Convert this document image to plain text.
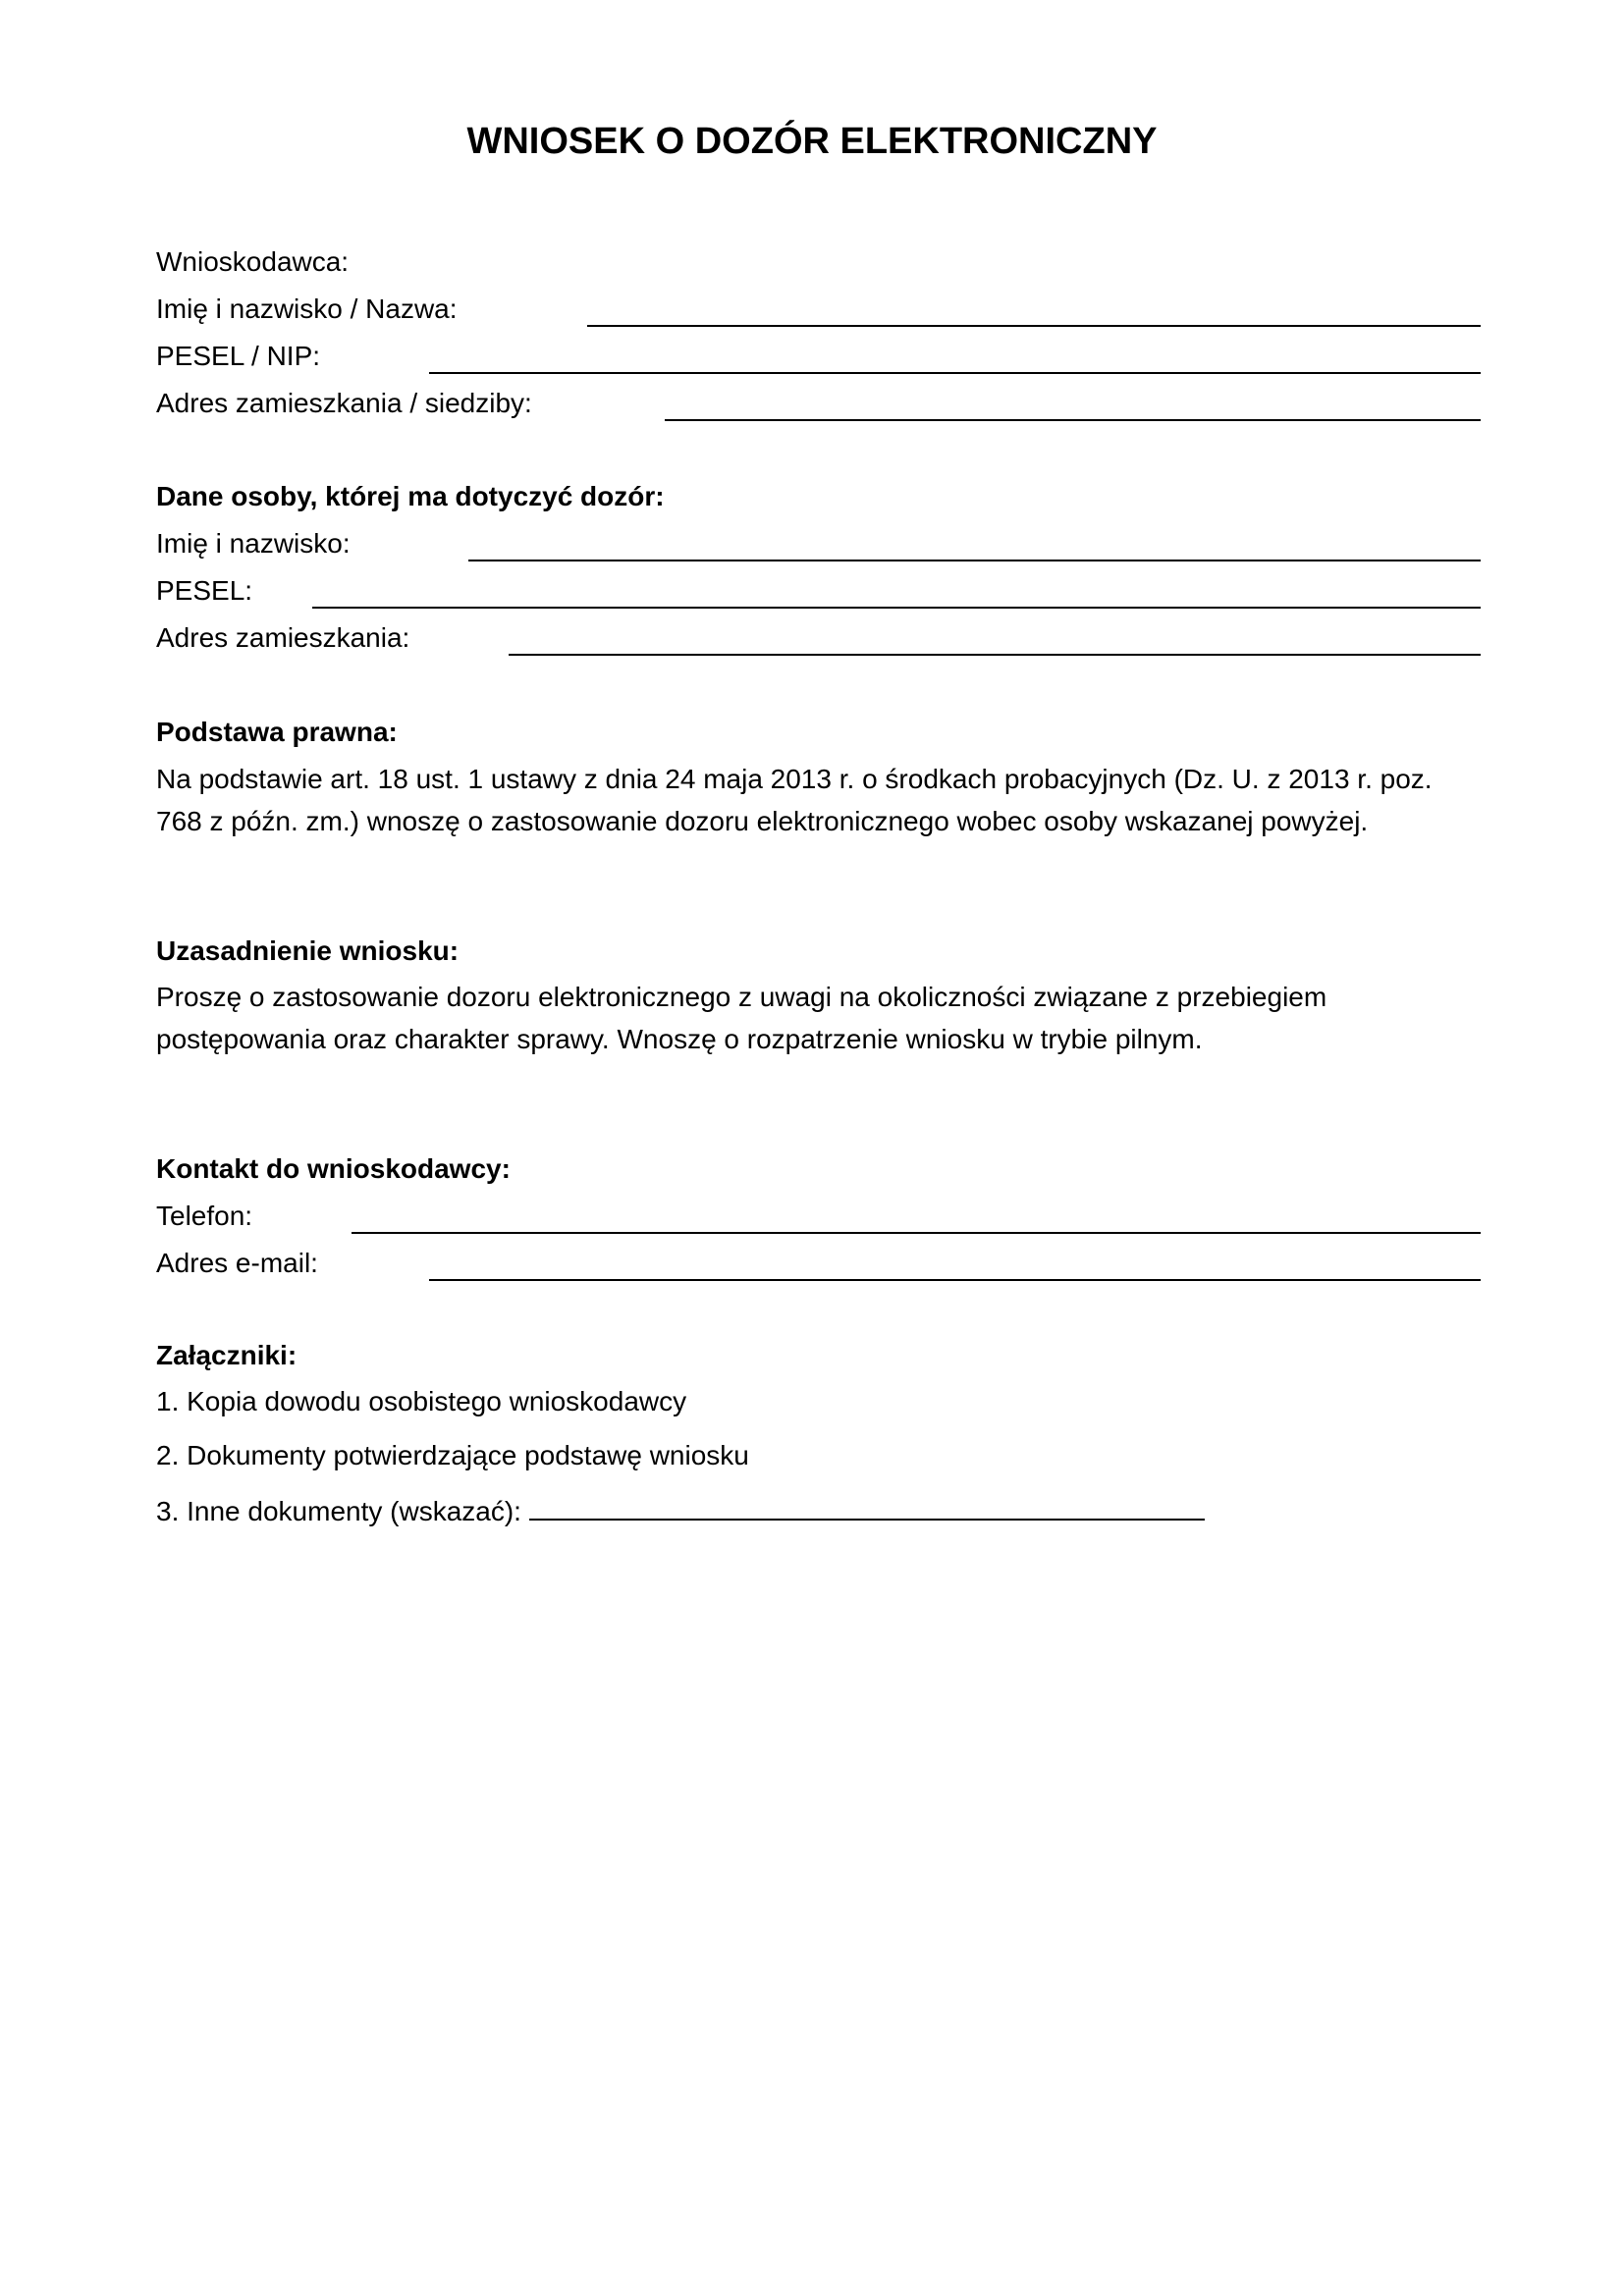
WNIOSEK O DOZÓR ELEKTRONICZNY

Wnioskodawca:

Imię i nazwisko / Nazwa:

PESEL / NIP:

Adres zamieszkania / siedziby:

Dane osoby, której ma dotyczyć dozór:

Imię i nazwisko:

PESEL:

Adres zamieszkania:

Podstawa prawna:

Na podstawie art. 18 ust. 1 ustawy z dnia 24 maja 2013 r. o środkach probacyjnych (Dz. U. z 2013 r. poz. 768 z późn. zm.) wnoszę o zastosowanie dozoru elektronicznego wobec osoby wskazanej powyżej.

Uzasadnienie wniosku:

Proszę o zastosowanie dozoru elektronicznego z uwagi na okoliczności związane z przebiegiem postępowania oraz charakter sprawy. Wnoszę o rozpatrzenie wniosku w trybie pilnym.

Kontakt do wnioskodawcy:

Telefon:

Adres e-mail:

Załączniki:

1. Kopia dowodu osobistego wnioskodawcy

2. Dokumenty potwierdzające podstawę wniosku

3. Inne dokumenty (wskazać):
